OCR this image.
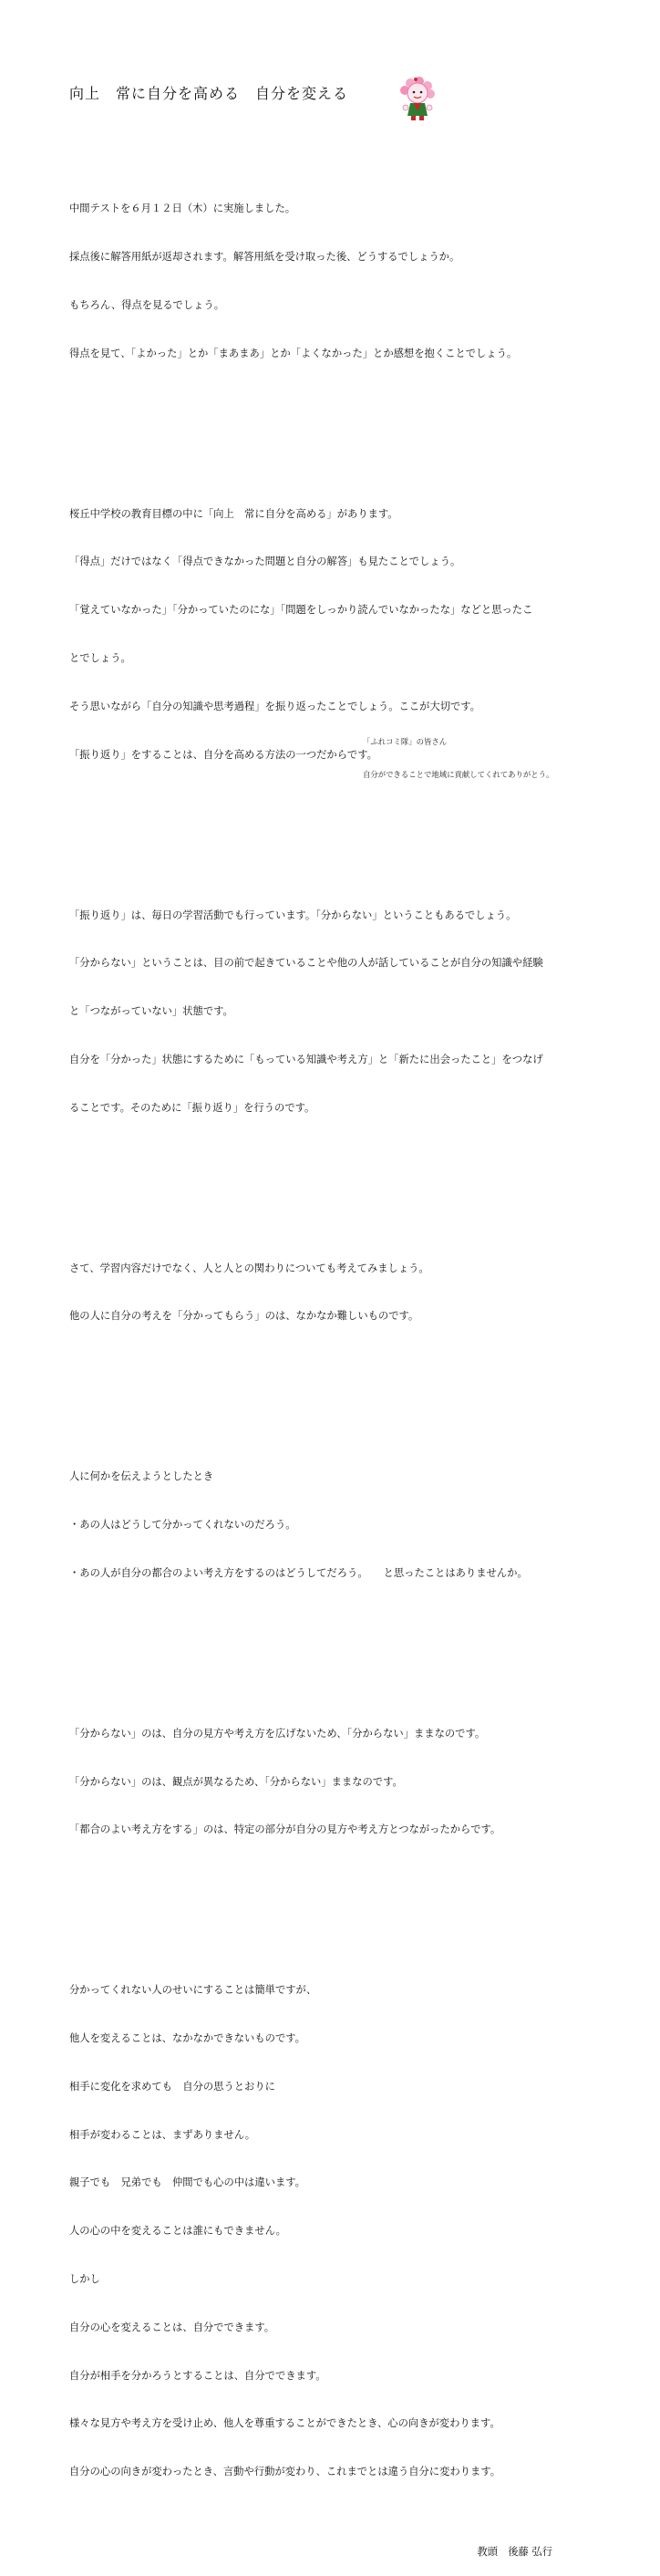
向上　常に自分を高める　自分を変える

中間テストを６月１２日（木）に実施しました。

採点後に解答用紙が返却されます。解答用紙を受け取った後、どうするでしょうか。

もちろん、得点を見るでしょう。

得点を見て、「よかった」とか「まあまあ」とか「よくなかった」とか感想を抱くことでしょう。

桜丘中学校の教育目標の中に「向上　常に自分を高める」があります。

「得点」だけではなく「得点できなかった問題と自分の解答」も見たことでしょう。

「覚えていなかった」「分かっていたのにな」「問題をしっかり読んでいなかったな」などと思ったこ

とでしょう。

そう思いながら「自分の知識や思考過程」を振り返ったことでしょう。ここが大切です。

「振り返り」をすることは、自分を高める方法の一つだからです。

「振り返り」は、毎日の学習活動でも行っています。「分からない」ということもあるでしょう。

「分からない」ということは、目の前で起きていることや他の人が話していることが自分の知識や経験

と「つながっていない」状態です。

自分を「分かった」状態にするために「もっている知識や考え方」と「新たに出会ったこと」をつなげ

ることです。そのために「振り返り」を行うのです。

さて、学習内容だけでなく、人と人との関わりについても考えてみましょう。

他の人に自分の考えを「分かってもらう」のは、なかなか難しいものです。

人に何かを伝えようとしたとき

・あの人はどうして分かってくれないのだろう。

・あの人が自分の都合のよい考え方をするのはどうしてだろう。　　と思ったことはありませんか。

「分からない」のは、自分の見方や考え方を広げないため、「分からない」ままなのです。

「分からない」のは、観点が異なるため、「分からない」ままなのです。

「都合のよい考え方をする」のは、特定の部分が自分の見方や考え方とつながったからです。

分かってくれない人のせいにすることは簡単ですが、

他人を変えることは、なかなかできないものです。

相手に変化を求めても　自分の思うとおりに

相手が変わることは、まずありません。

親子でも　兄弟でも　仲間でも心の中は違います。

人の心の中を変えることは誰にもできません。

しかし

自分の心を変えることは、自分でできます。

自分が相手を分かろうとすることは、自分でできます。

様々な見方や考え方を受け止め、他人を尊重することができたとき、心の向きが変わります。

自分の心の向きが変わったとき、言動や行動が変わり、これまでとは違う自分に変わります。

教頭　後藤 弘行

「ふれコミ隊」の皆さん

自分ができることで地域に貢献してくれてありがとう。
